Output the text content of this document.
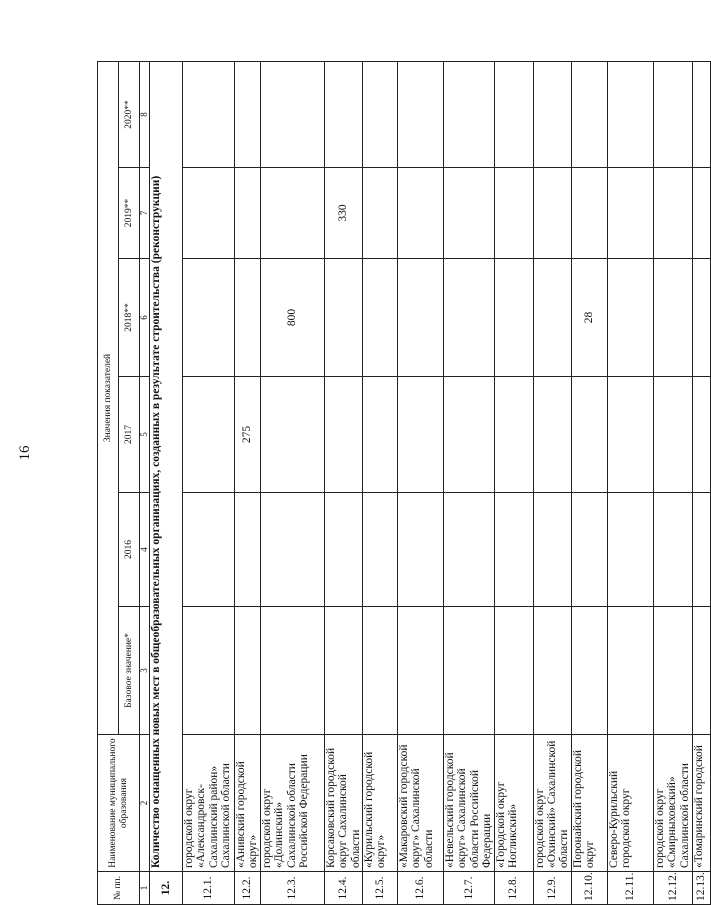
16
№ пп.	Наименование муниципального образования	Значения показателей					
		Базовое значение*	2016	2017	2018**	2019**	2020**
1	2	3	4	5	6	7	8
12.	Количество оснащенных новых мест в общеобразовательных организациях, созданных в результате строительства (реконструкции)						
12.1.	городской округ «Александровск-Сахалинский район» Сахалинской области						
12.2.	«Анивский городской округ»			275			
12.3.	городской округ «Долинский» Сахалинской области Российской Федерации				800		
12.4.	Корсаковский городской округ Сахалинской области					330	
12.5.	«Курильский городской округ»						
12.6.	«Макаровский городской округ» Сахалинской области						
12.7.	«Невельский городской округ» Сахалинской области Российской Федерации						
12.8.	«Городской округ Ногликский»						
12.9.	городской округ «Охинский» Сахалинской области						
12.10.	Поронайский городской округ				28		
12.11.	Северо-Курильский городской округ						
12.12.	городской округ «Смирныховский» Сахалинской области						
12.13.	«Томаринский городской						
